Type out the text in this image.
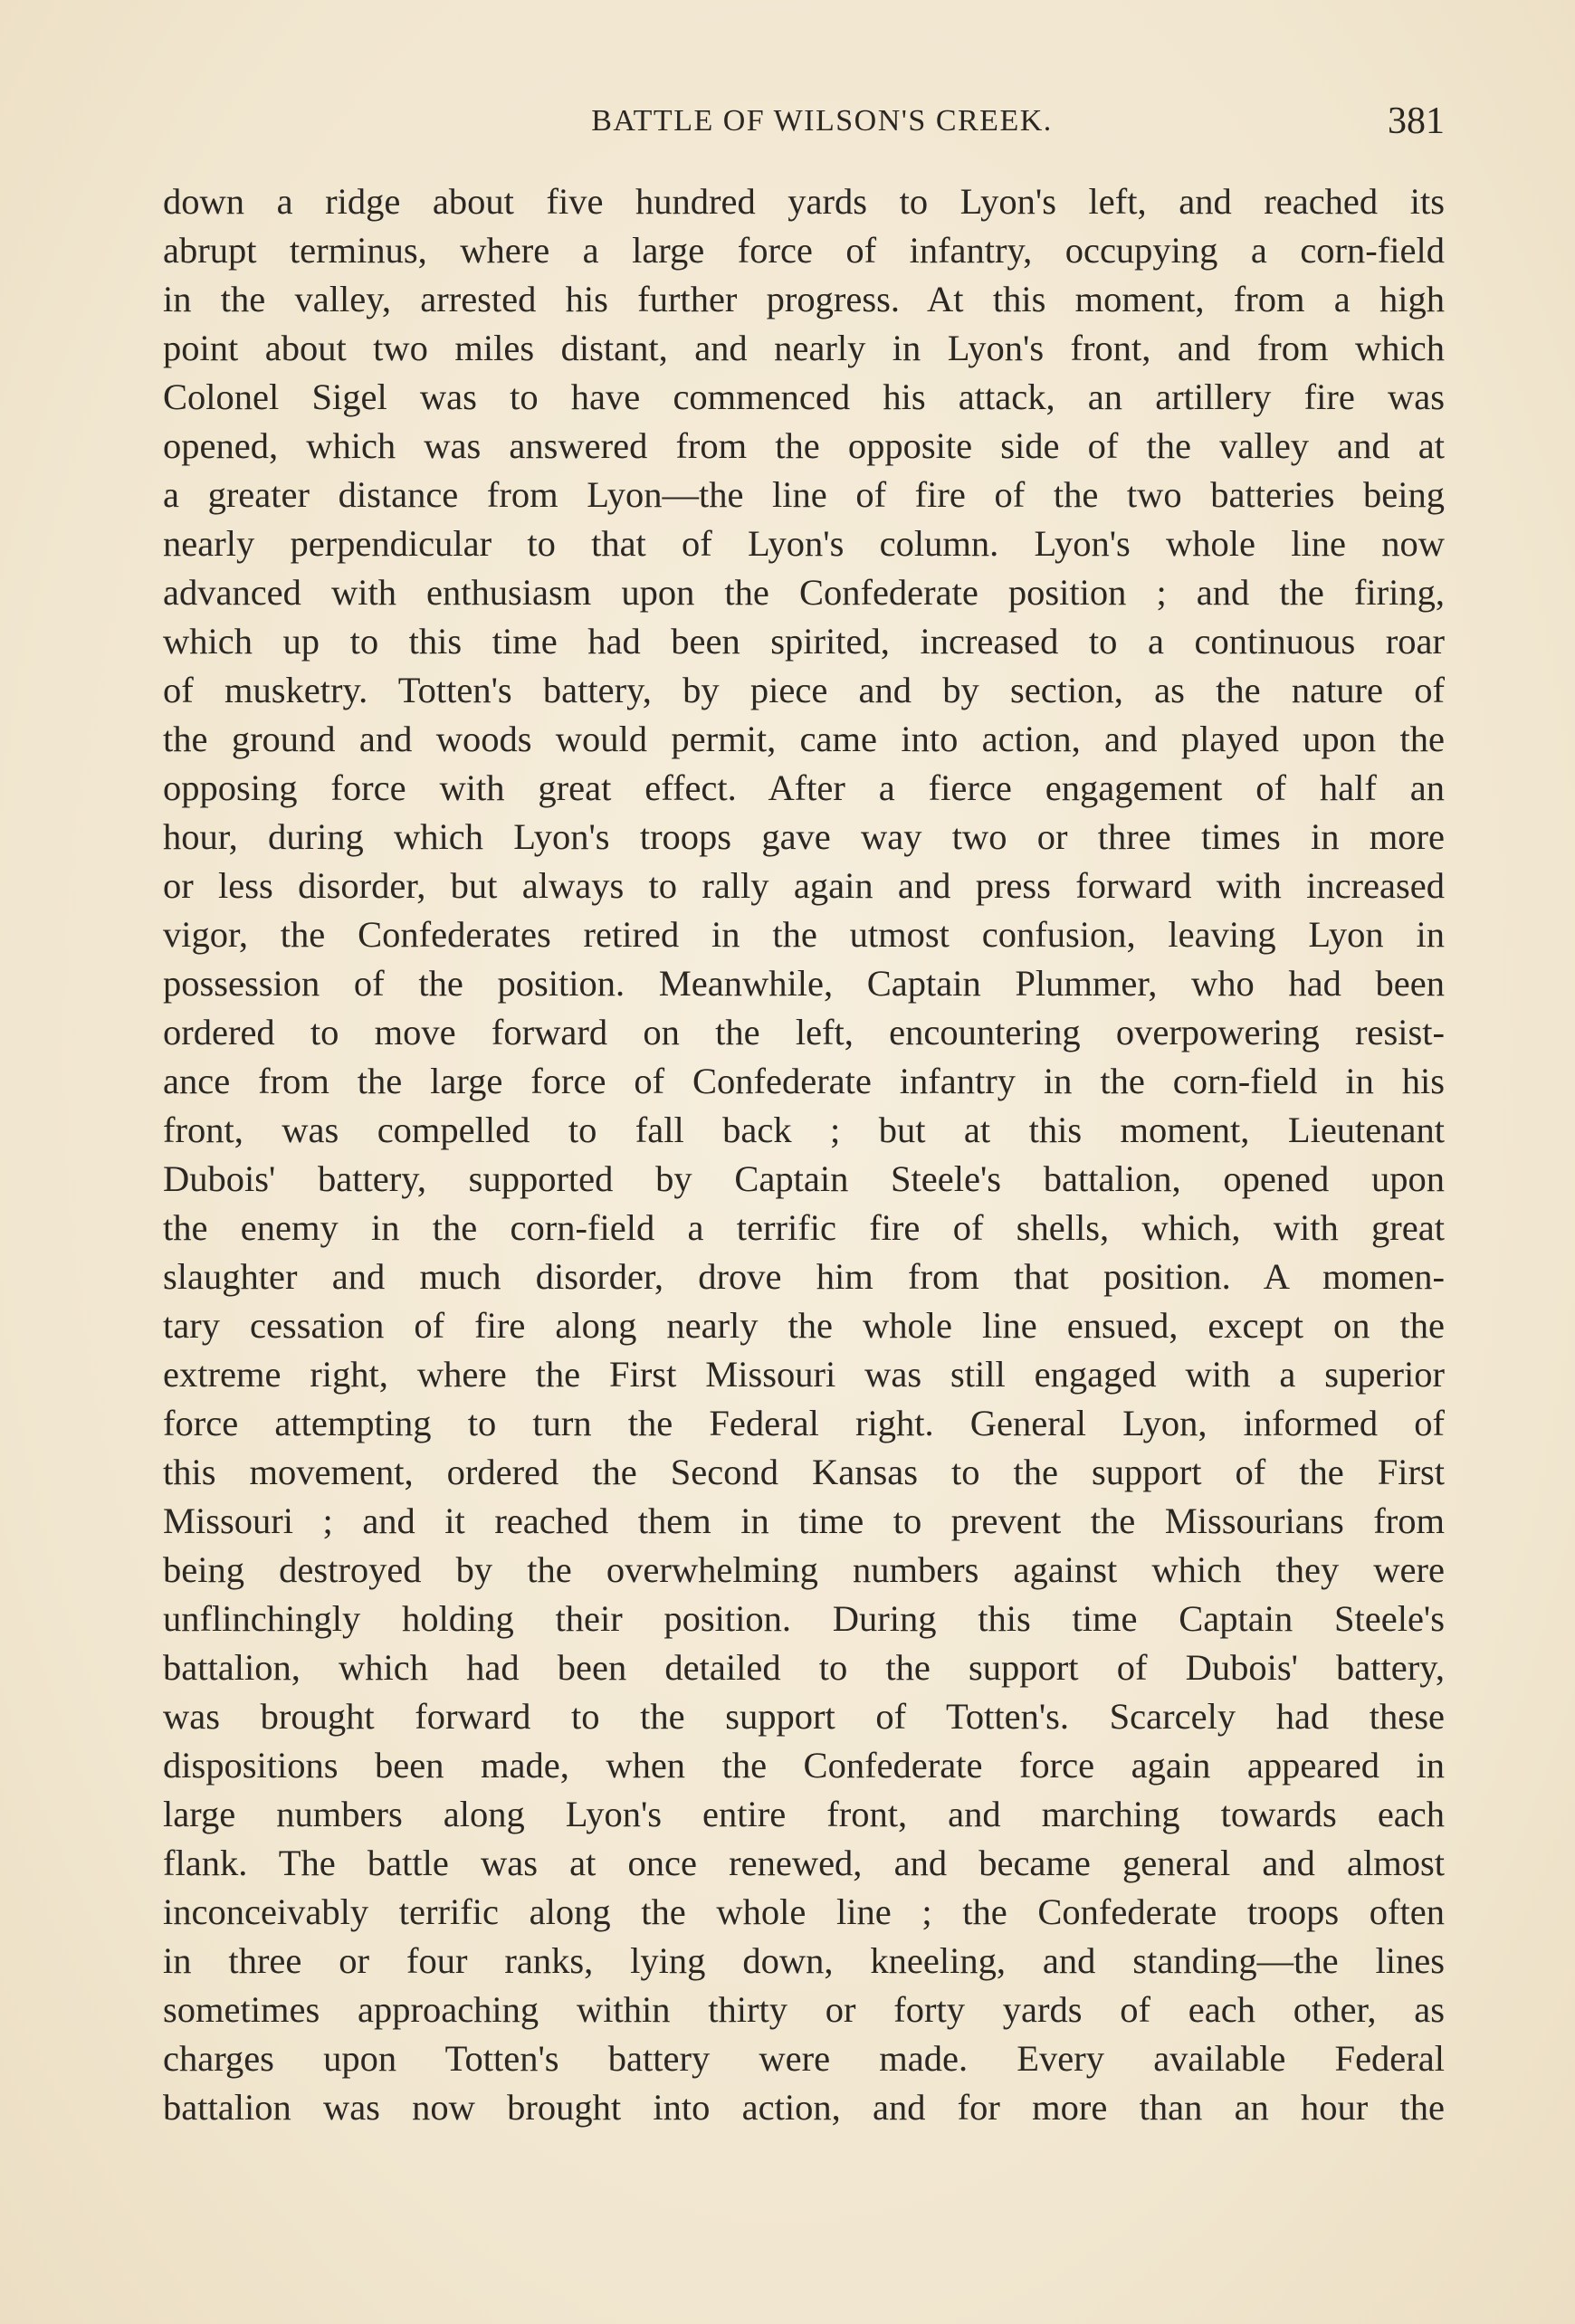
BATTLE OF WILSON'S CREEK.	381
down a ridge about five hundred yards to Lyon's left, and reached its
abrupt terminus, where a large force of infantry, occupying a corn-field
in the valley, arrested his further progress. At this moment, from a high
point about two miles distant, and nearly in Lyon's front, and from which
Colonel Sigel was to have commenced his attack, an artillery fire was
opened, which was answered from the opposite side of the valley and at
a greater distance from Lyon—the line of fire of the two batteries being
nearly perpendicular to that of Lyon's column. Lyon's whole line now
advanced with enthusiasm upon the Confederate position ; and the firing,
which up to this time had been spirited, increased to a continuous roar
of musketry. Totten's battery, by piece and by section, as the nature of
the ground and woods would permit, came into action, and played upon the
opposing force with great effect. After a fierce engagement of half an
hour, during which Lyon's troops gave way two or three times in more
or less disorder, but always to rally again and press forward with increased
vigor, the Confederates retired in the utmost confusion, leaving Lyon in
possession of the position. Meanwhile, Captain Plummer, who had been
ordered to move forward on the left, encountering overpowering resist-
ance from the large force of Confederate infantry in the corn-field in his
front, was compelled to fall back ; but at this moment, Lieutenant
Dubois' battery, supported by Captain Steele's battalion, opened upon
the enemy in the corn-field a terrific fire of shells, which, with great
slaughter and much disorder, drove him from that position. A momen-
tary cessation of fire along nearly the whole line ensued, except on the
extreme right, where the First Missouri was still engaged with a superior
force attempting to turn the Federal right. General Lyon, informed of
this movement, ordered the Second Kansas to the support of the First
Missouri ; and it reached them in time to prevent the Missourians from
being destroyed by the overwhelming numbers against which they were
unflinchingly holding their position. During this time Captain Steele's
battalion, which had been detailed to the support of Dubois' battery,
was brought forward to the support of Totten's. Scarcely had these
dispositions been made, when the Confederate force again appeared in
large numbers along Lyon's entire front, and marching towards each
flank. The battle was at once renewed, and became general and almost
inconceivably terrific along the whole line ; the Confederate troops often
in three or four ranks, lying down, kneeling, and standing—the lines
sometimes approaching within thirty or forty yards of each other, as
charges upon Totten's battery were made. Every available Federal
battalion was now brought into action, and for more than an hour the
